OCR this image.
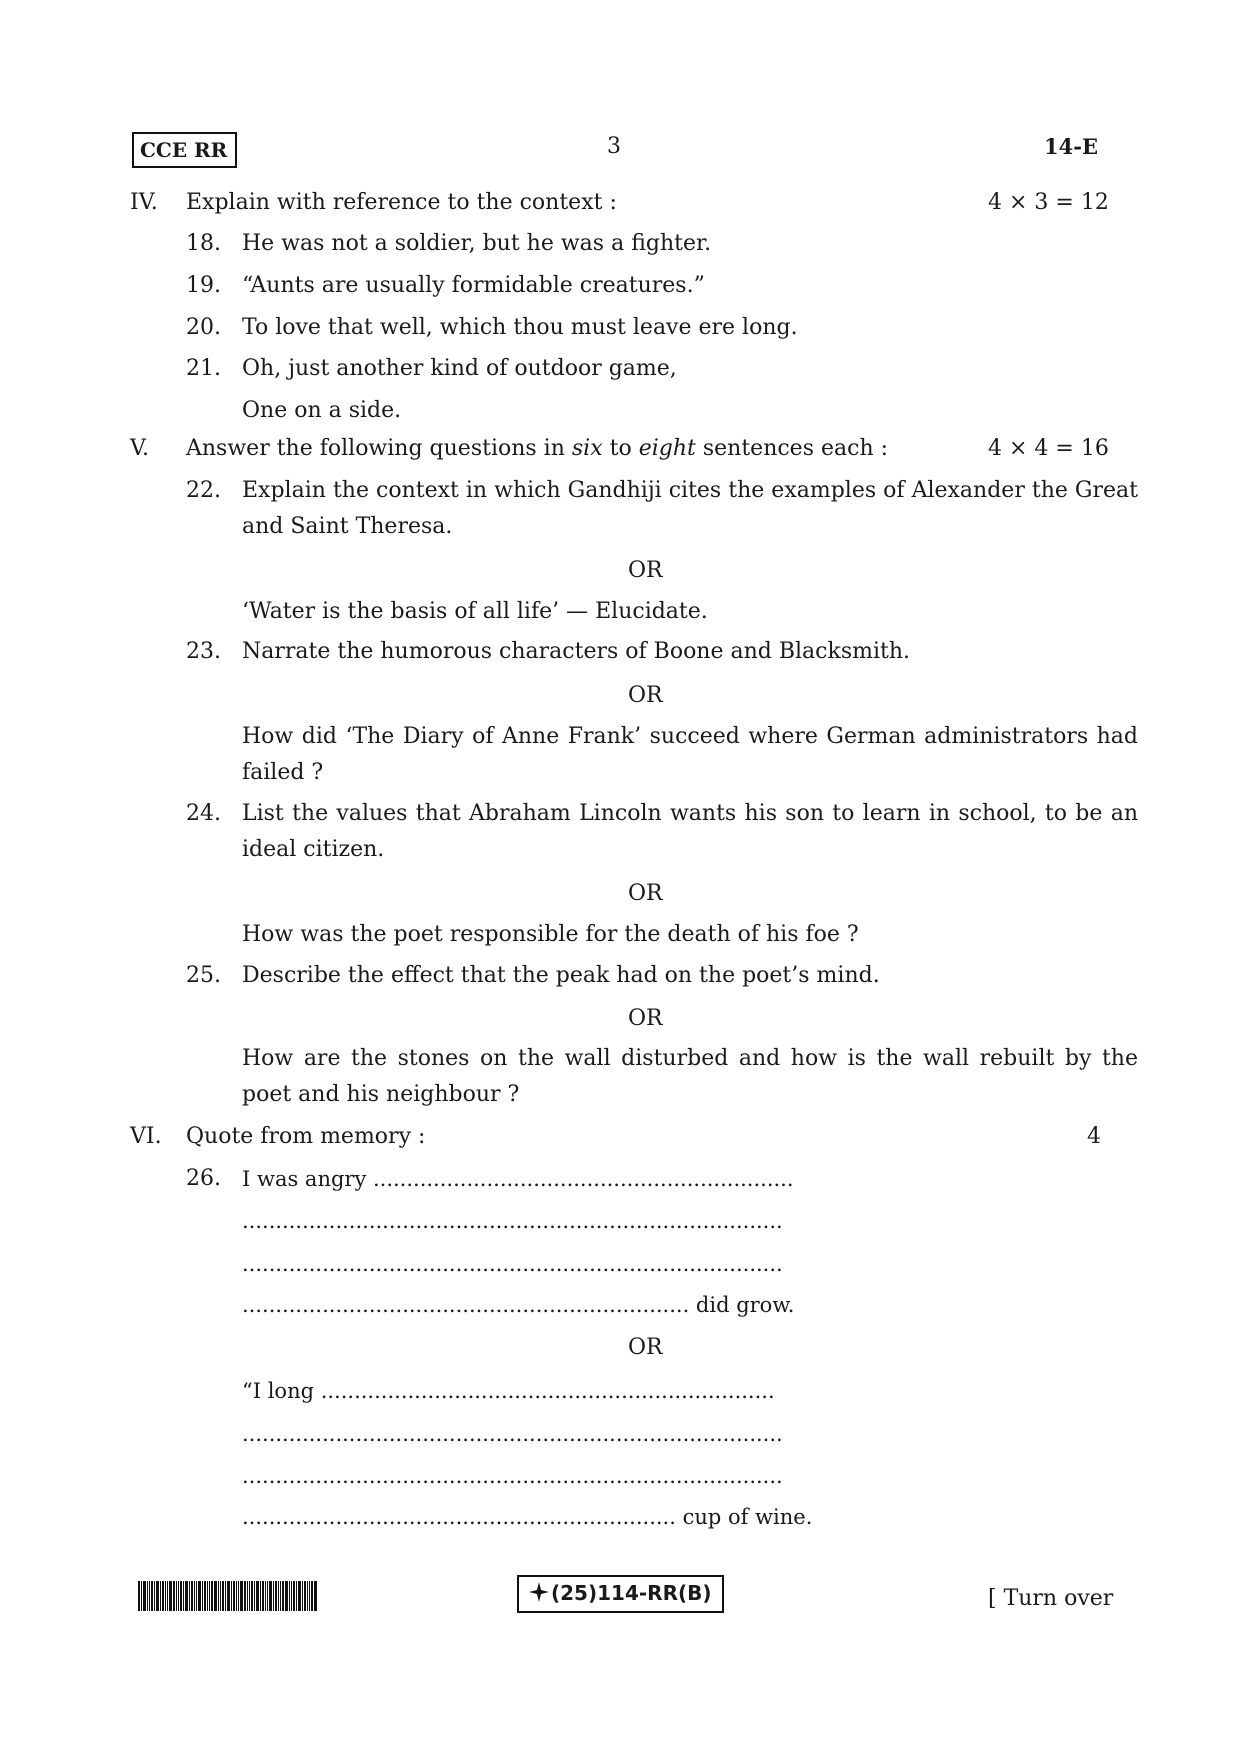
CCE RR	3	14-E
IV. Explain with reference to the context :	4 × 3 = 12
18. He was not a soldier, but he was a fighter.
19. “Aunts are usually formidable creatures.”
20. To love that well, which thou must leave ere long.
21. Oh, just another kind of outdoor game,
One on a side.
V. Answer the following questions in six to eight sentences each :	4 × 4 = 16
22. Explain the context in which Gandhiji cites the examples of Alexander the Great and Saint Theresa.
OR
‘Water is the basis of all life’ — Elucidate.
23. Narrate the humorous characters of Boone and Blacksmith.
OR
How did ‘The Diary of Anne Frank’ succeed where German administrators had failed ?
24. List the values that Abraham Lincoln wants his son to learn in school, to be an ideal citizen.
OR
How was the poet responsible for the death of his foe ?
25. Describe the effect that the peak had on the poet’s mind.
OR
How are the stones on the wall disturbed and how is the wall rebuilt by the poet and his neighbour ?
VI. Quote from memory :	4
26. I was angry ...............................................................
.................................................................................
.................................................................................
................................................................... did grow.
OR
“I long ....................................................................
.................................................................................
.................................................................................
................................................................. cup of wine.
(25)114-RR(B)	[ Turn over
